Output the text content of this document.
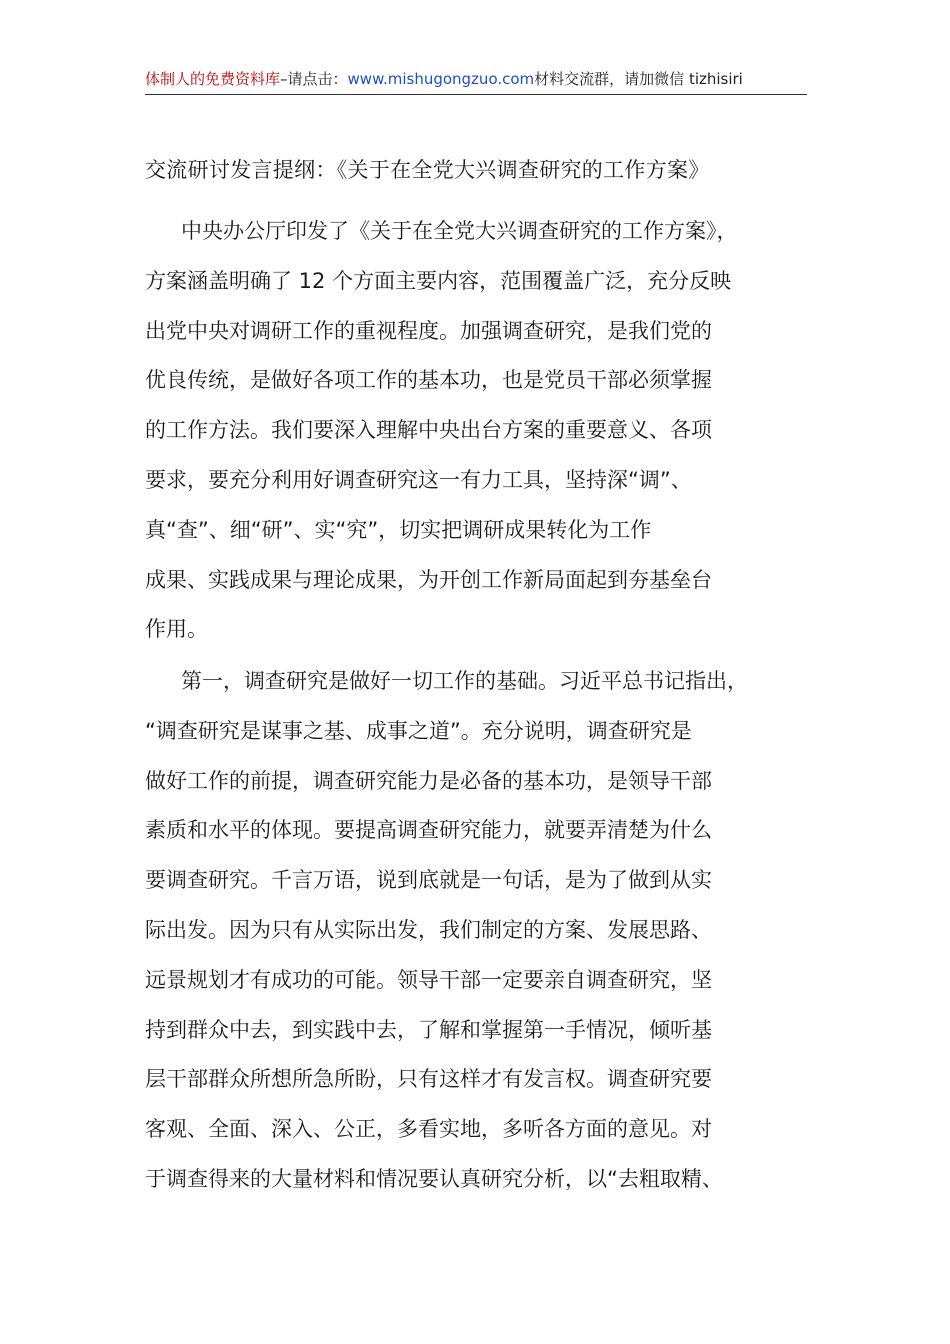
体制人的免费资料库–请点击：www.mishugongzuo.com材料交流群，请加微信 tizhisiri
交流研讨发言提纲：《关于在全党大兴调查研究的工作方案》
中央办公厅印发了《关于在全党大兴调查研究的工作方案》，
方案涵盖明确了 12 个方面主要内容，范围覆盖广泛，充分反映
出党中央对调研工作的重视程度。加强调查研究，是我们党的
优良传统，是做好各项工作的基本功，也是党员干部必须掌握
的工作方法。我们要深入理解中央出台方案的重要意义、各项
要求，要充分利用好调查研究这一有力工具，坚持深“调”、
真“查”、细“研”、实“究”，切实把调研成果转化为工作
成果、实践成果与理论成果，为开创工作新局面起到夯基垒台
作用。
第一，调查研究是做好一切工作的基础。习近平总书记指出，
“调查研究是谋事之基、成事之道”。充分说明，调查研究是
做好工作的前提，调查研究能力是必备的基本功，是领导干部
素质和水平的体现。要提高调查研究能力，就要弄清楚为什么
要调查研究。千言万语，说到底就是一句话，是为了做到从实
际出发。因为只有从实际出发，我们制定的方案、发展思路、
远景规划才有成功的可能。领导干部一定要亲自调查研究，坚
持到群众中去，到实践中去，了解和掌握第一手情况，倾听基
层干部群众所想所急所盼，只有这样才有发言权。调查研究要
客观、全面、深入、公正，多看实地，多听各方面的意见。对
于调查得来的大量材料和情况要认真研究分析，以“去粗取精、
